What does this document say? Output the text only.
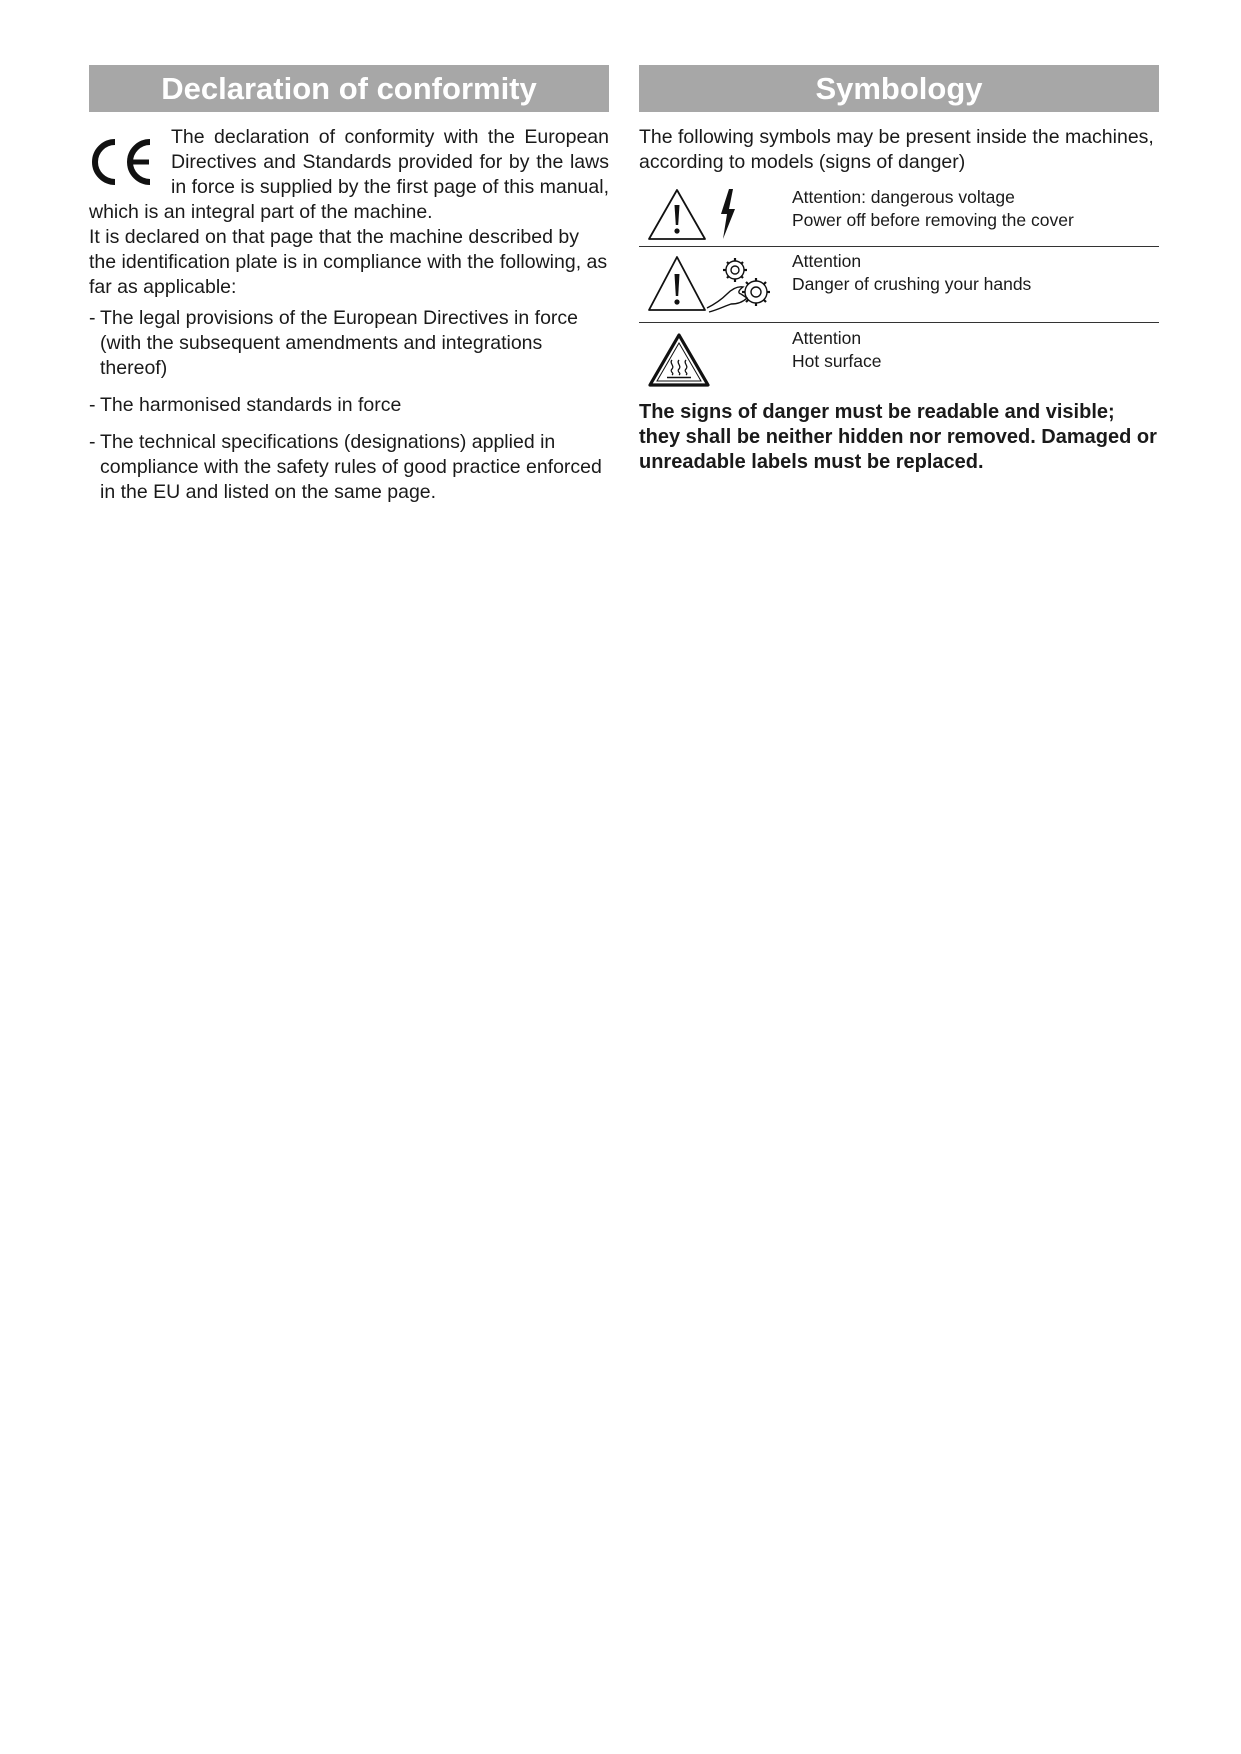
Declaration of conformity

The declaration of conformity with the European Directives and Standards provided for by the laws in force is supplied by the first page of this manual, which is an integral part of the machine.

It is declared on that page that the machine described by the identification plate is in compliance with the following, as far as applicable:

- The legal provisions of the European Directives in force (with the subsequent amendments and integrations thereof)
- The harmonised standards in force
- The technical specifications (designations) applied in compliance with the safety rules of good practice enforced in the EU and listed on the same page.
Symbology

The following symbols may be present inside the machines, according to models (signs of danger)

Attention: dangerous voltage
Power off before removing the cover
Attention
Danger of crushing your hands
Attention
Hot surface

The signs of danger must be readable and visible; they shall be neither hidden nor removed. Damaged or unreadable labels must be replaced.
